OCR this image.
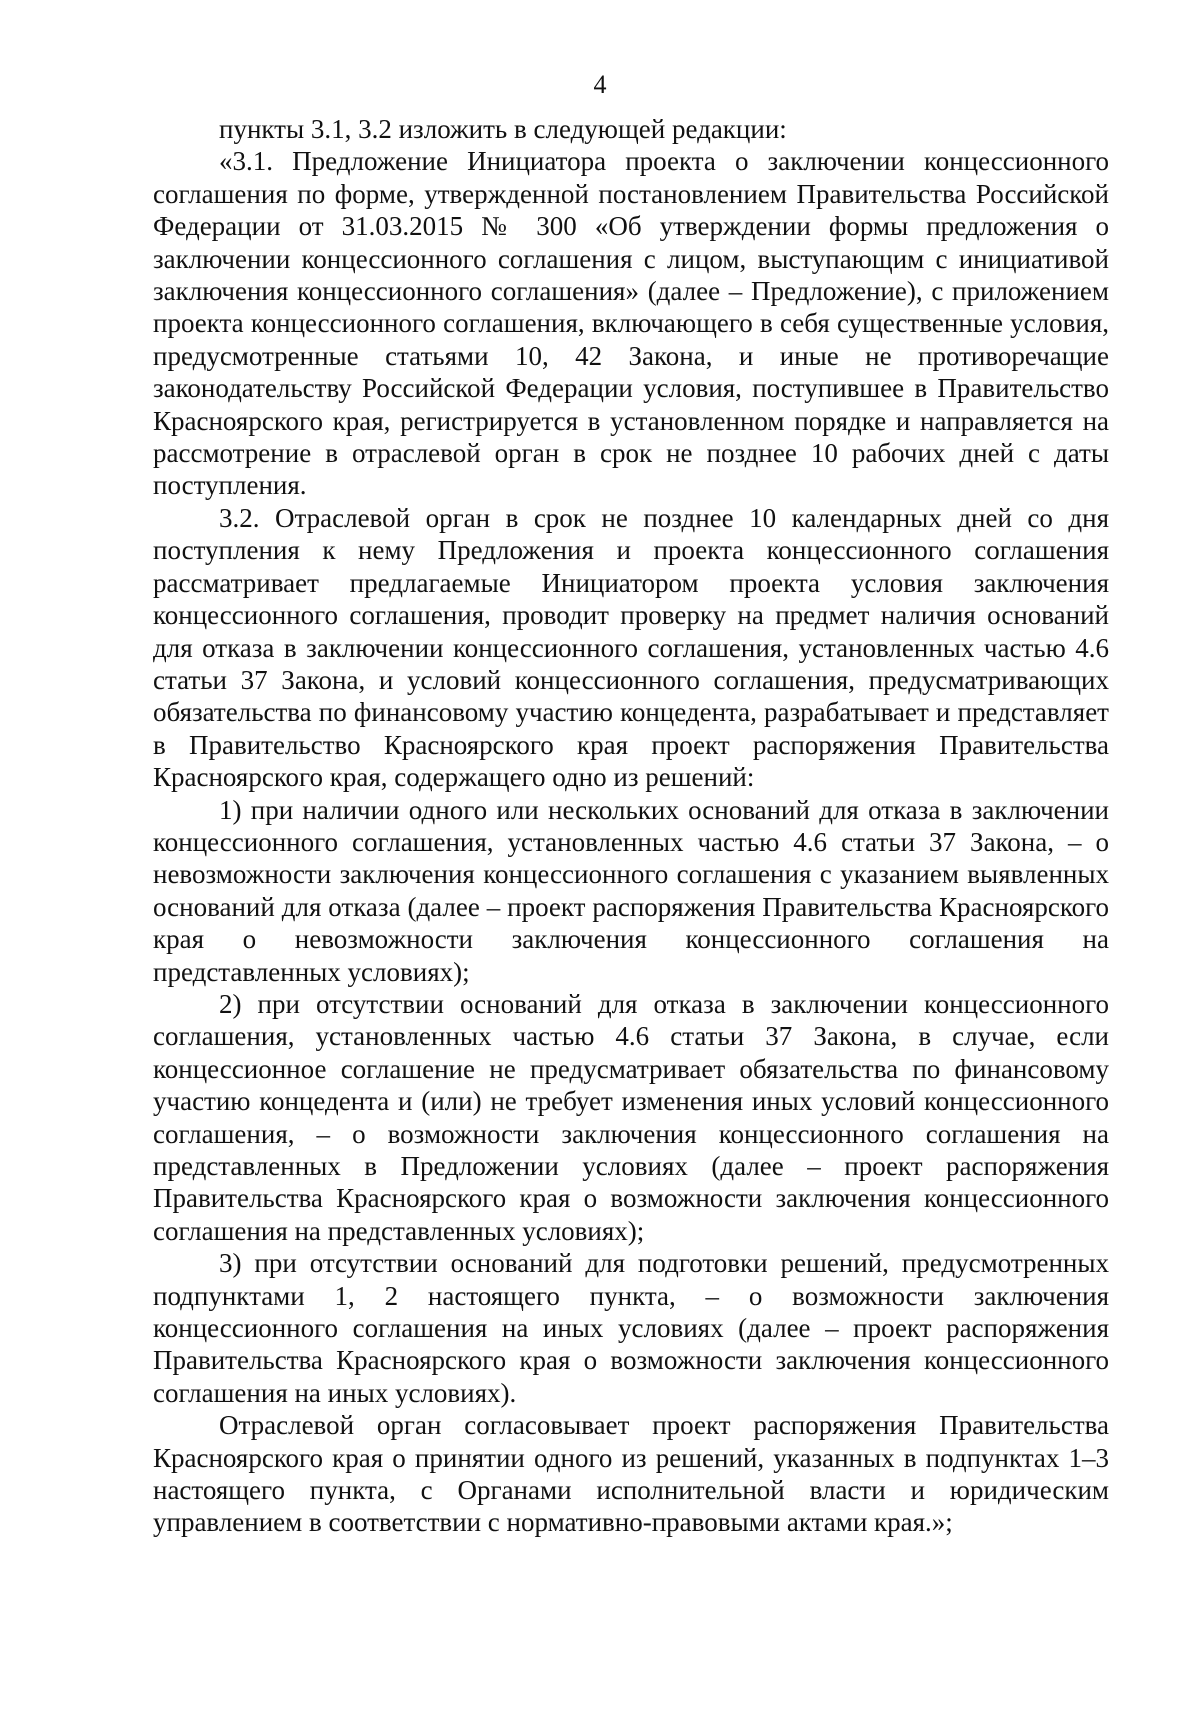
4

пункты 3.1, 3.2 изложить в следующей редакции:

«3.1. Предложение Инициатора проекта о заключении концессионного соглашения по форме, утвержденной постановлением Правительства Российской Федерации от 31.03.2015 № 300 «Об утверждении формы предложения о заключении концессионного соглашения с лицом, выступающим с инициативой заключения концессионного соглашения» (далее – Предложение), с приложением проекта концессионного соглашения, включающего в себя существенные условия, предусмотренные статьями 10, 42 Закона, и иные не противоречащие законодательству Российской Федерации условия, поступившее в Правительство Красноярского края, регистрируется в установленном порядке и направляется на рассмотрение в отраслевой орган в срок не позднее 10 рабочих дней с даты поступления.

3.2. Отраслевой орган в срок не позднее 10 календарных дней со дня поступления к нему Предложения и проекта концессионного соглашения рассматривает предлагаемые Инициатором проекта условия заключения концессионного соглашения, проводит проверку на предмет наличия оснований для отказа в заключении концессионного соглашения, установленных частью 4.6 статьи 37 Закона, и условий концессионного соглашения, предусматривающих обязательства по финансовому участию концедента, разрабатывает и представляет в Правительство Красноярского края проект распоряжения Правительства Красноярского края, содержащего одно из решений:

1) при наличии одного или нескольких оснований для отказа в заключении концессионного соглашения, установленных частью 4.6 статьи 37 Закона, – о невозможности заключения концессионного соглашения с указанием выявленных оснований для отказа (далее – проект распоряжения Правительства Красноярского края о невозможности заключения концессионного соглашения на представленных условиях);

2) при отсутствии оснований для отказа в заключении концессионного соглашения, установленных частью 4.6 статьи 37 Закона, в случае, если концессионное соглашение не предусматривает обязательства по финансовому участию концедента и (или) не требует изменения иных условий концессионного соглашения, – о возможности заключения концессионного соглашения на представленных в Предложении условиях (далее – проект распоряжения Правительства Красноярского края о возможности заключения концессионного соглашения на представленных условиях);

3) при отсутствии оснований для подготовки решений, предусмотренных подпунктами 1, 2 настоящего пункта, – о возможности заключения концессионного соглашения на иных условиях (далее – проект распоряжения Правительства Красноярского края о возможности заключения концессионного соглашения на иных условиях).

Отраслевой орган согласовывает проект распоряжения Правительства Красноярского края о принятии одного из решений, указанных в подпунктах 1–3 настоящего пункта, с Органами исполнительной власти и юридическим управлением в соответствии с нормативно-правовыми актами края.»;
